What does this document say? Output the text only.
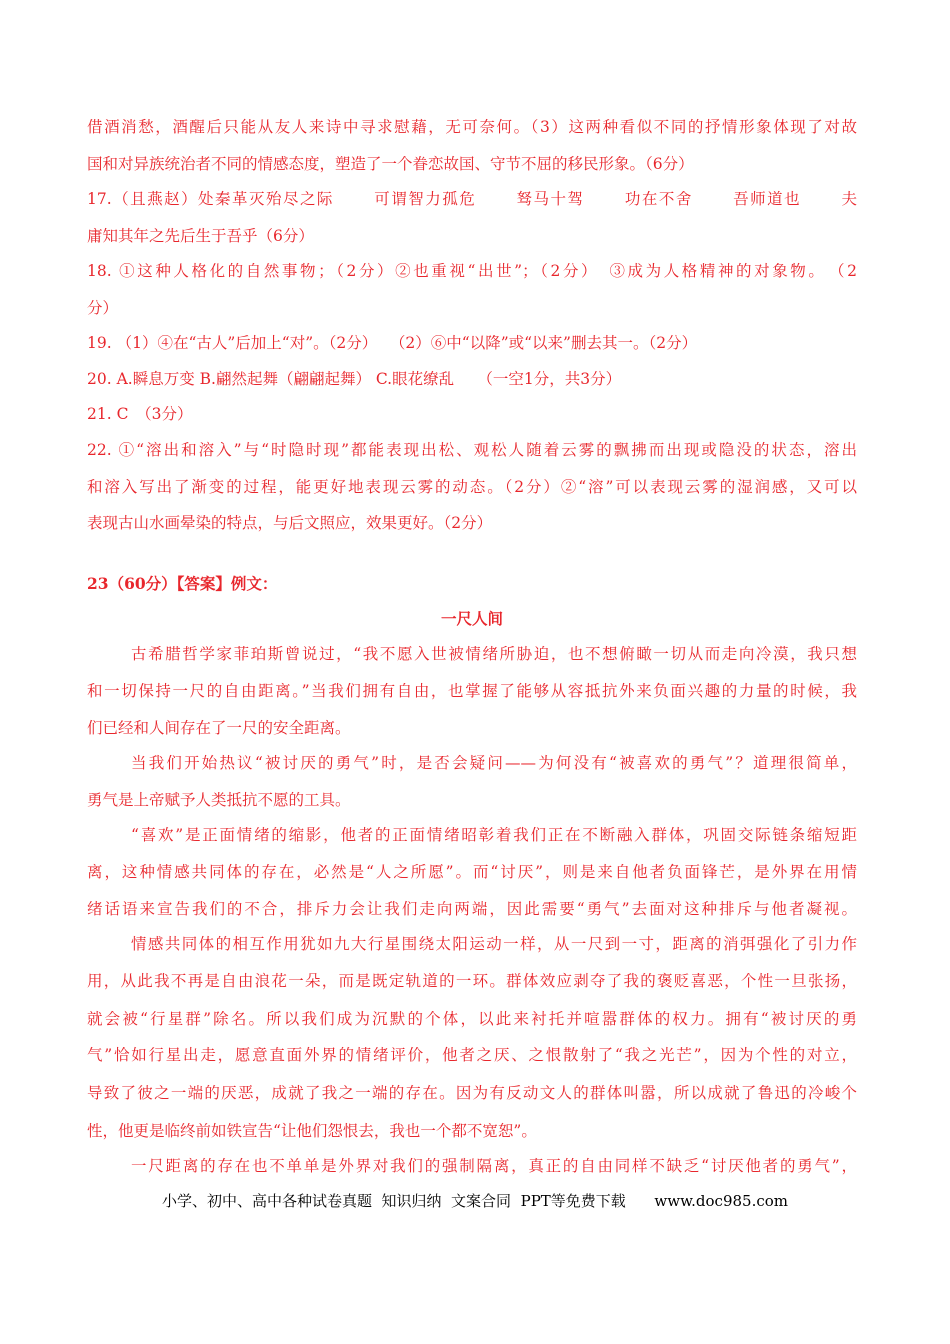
借酒消愁，酒醒后只能从友人来诗中寻求慰藉，无可奈何。（3）这两种看似不同的抒情形象体现了对故
国和对异族统治者不同的情感态度，塑造了一个眷恋故国、守节不屈的移民形象。（6分）
17.（且燕赵）处秦革灭殆尽之际　　 可谓智力孤危　　 驽马十驾　　 功在不舍　　 吾师道也　　 夫
庸知其年之先后生于吾乎（6分）
18. ①这种人格化的自然事物；（2分）②也重视“出世”；（2分）　③成为人格精神的对象物。　（2
分）
19. （1）④在“古人”后加上“对”。（2分）　 （2）⑥中“以降”或“以来”删去其一。（2分）
20. A.瞬息万变 B.翩然起舞（翩翩起舞） C.眼花缭乱　　（一空1分，共3分）
21. C　（3分）
22. ①“溶出和溶入”与“时隐时现”都能表现出松、观松人随着云雾的飘拂而出现或隐没的状态，溶出
和溶入写出了渐变的过程，能更好地表现云雾的动态。（2分）②“溶”可以表现云雾的湿润感，又可以
表现古山水画晕染的特点，与后文照应，效果更好。（2分）
23（60分）【答案】例文：
一尺人间
古希腊哲学家菲珀斯曾说过，“我不愿入世被情绪所胁迫，也不想俯瞰一切从而走向冷漠，我只想
和一切保持一尺的自由距离。”当我们拥有自由，也掌握了能够从容抵抗外来负面兴趣的力量的时候，我
们已经和人间存在了一尺的安全距离。
当我们开始热议“被讨厌的勇气”时，是否会疑问——为何没有“被喜欢的勇气”？道理很简单，
勇气是上帝赋予人类抵抗不愿的工具。
“喜欢”是正面情绪的缩影，他者的正面情绪昭彰着我们正在不断融入群体，巩固交际链条缩短距
离，这种情感共同体的存在，必然是“人之所愿”。而“讨厌”，则是来自他者负面锋芒，是外界在用情
绪话语来宣告我们的不合，排斥力会让我们走向两端，因此需要“勇气”去面对这种排斥与他者凝视。
情感共同体的相互作用犹如九大行星围绕太阳运动一样，从一尺到一寸，距离的消弭强化了引力作
用，从此我不再是自由浪花一朵，而是既定轨道的一环。群体效应剥夺了我的褒贬喜恶，个性一旦张扬，
就会被“行星群”除名。所以我们成为沉默的个体，以此来衬托并喧嚣群体的权力。拥有“被讨厌的勇
气”恰如行星出走，愿意直面外界的情绪评价，他者之厌、之恨散射了“我之光芒”，因为个性的对立，
导致了彼之一端的厌恶，成就了我之一端的存在。因为有反动文人的群体叫嚣，所以成就了鲁迅的冷峻个
性，他更是临终前如铁宣告“让他们怨恨去，我也一个都不宽恕”。
一尺距离的存在也不单单是外界对我们的强制隔离，真正的自由同样不缺乏“讨厌他者的勇气”，
小学、初中、高中各种试卷真题  知识归纳  文案合同  PPT等免费下载 www.doc985.com
